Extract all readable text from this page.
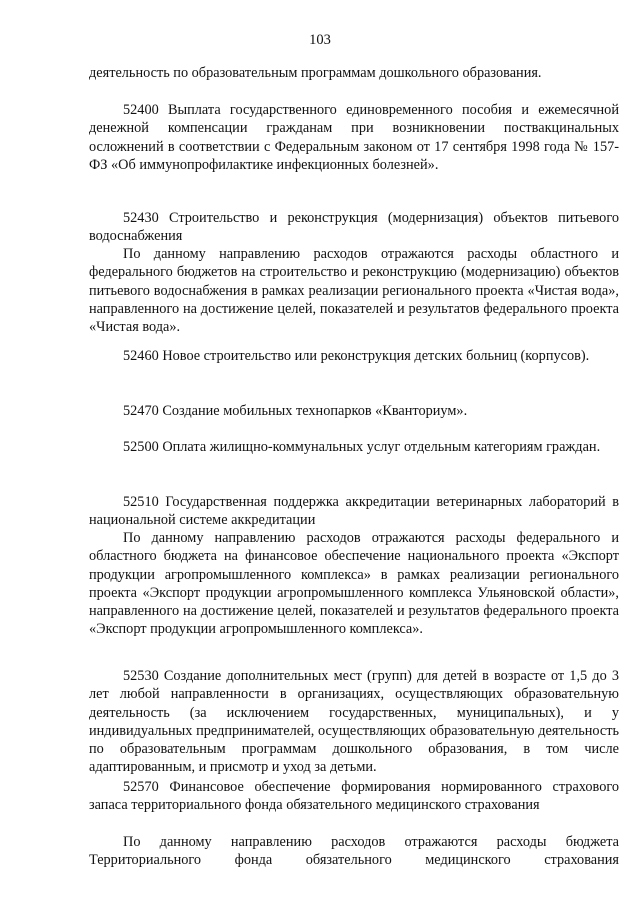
103

деятельность по образовательным программам дошкольного образования.

52400 Выплата государственного единовременного пособия и ежемесячной денежной компенсации гражданам при возникновении поствакцинальных осложнений в соответствии с Федеральным законом от 17 сентября 1998 года № 157-ФЗ «Об иммунопрофилактике инфекционных болезней».

52430 Строительство и реконструкция (модернизация) объектов питьевого водоснабжения

По данному направлению расходов отражаются расходы областного и федерального бюджетов на строительство и реконструкцию (модернизацию) объектов питьевого водоснабжения в рамках реализации регионального проекта «Чистая вода», направленного на достижение целей, показателей и результатов федерального проекта «Чистая вода».

52460 Новое строительство или реконструкция детских больниц (корпусов).

52470 Создание мобильных технопарков «Кванториум».

52500 Оплата жилищно-коммунальных услуг отдельным категориям граждан.

52510 Государственная поддержка аккредитации ветеринарных лабораторий в национальной системе аккредитации

По данному направлению расходов отражаются расходы федерального и областного бюджета на финансовое обеспечение национального проекта «Экспорт продукции агропромышленного комплекса» в рамках реализации регионального проекта «Экспорт продукции агропромышленного комплекса Ульяновской области», направленного на достижение целей, показателей и результатов федерального проекта «Экспорт продукции агропромышленного комплекса».

52530 Создание дополнительных мест (групп) для детей в возрасте от 1,5 до 3 лет любой направленности в организациях, осуществляющих образовательную деятельность (за исключением государственных, муниципальных), и у индивидуальных предпринимателей, осуществляющих образовательную деятельность по образовательным программам дошкольного образования, в том числе адаптированным, и присмотр и уход за детьми.

52570 Финансовое обеспечение формирования нормированного страхового запаса территориального фонда обязательного медицинского страхования

По данному направлению расходов отражаются расходы бюджета Территориального фонда обязательного медицинского страхования
